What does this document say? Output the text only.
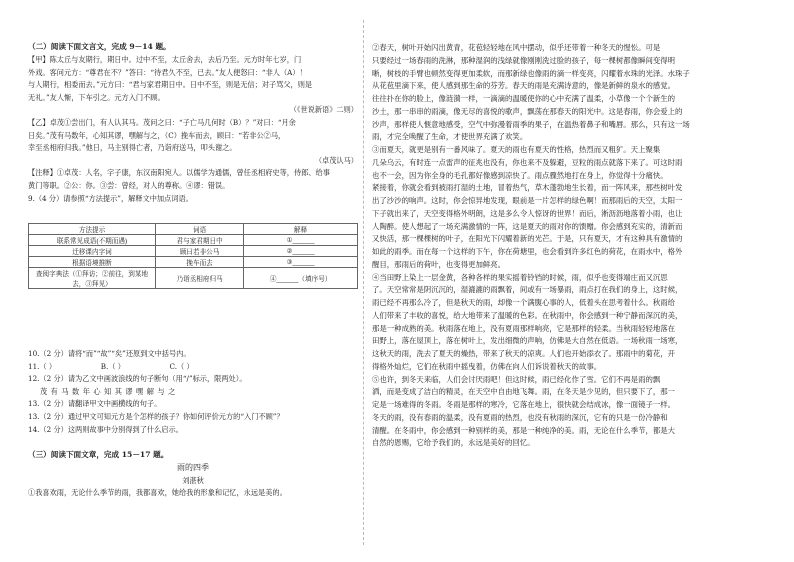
（二）阅读下面文言文，完成 9－14 题。
【甲】陈太丘与友期行，期日中。过中不至，太丘舍去，去后乃至。元方时年七岁，门
外戏。客问元方：“尊君在不？”答曰：“待君久不至，已去。”友人便怒曰：“非人（A）！
与人期行，相委而去。”元方曰：“君与家君期日中。日中不至，则是无信；对子骂父，则是
无礼。”友人惭，下车引之。元方入门不顾。
（《世说新语》二则）
【乙】卓茂①尝出门，有人认其马。茂问之曰：“子亡马几何时（B）？”对曰：“月余
日矣。”茂有马数年，心知其谬，嘿解与之，（C）挽车而去，顾曰：“若非公②马，
幸至丞相府归我。”他日，马主别得亡者，乃诣府送马，叩头谢之。
（卓茂认马）
【注释】①卓茂：人名，字子康，东汉南阳宛人。以儒学为通儒，曾任丞相府史等，侍郎、给事
黄门等职。②公：你。③尝：曾经，对人的尊称。④谬：错误。
9.（4 分）请参照“方法提示”，解释文中加点词语。
方法提示	词语	解释
联系常见成语(不期而遇)	君与家君期日中	①______
迁移课内字词	顾曰若非公马	②______
根据语境推断	挽车而去	③______
查阅字典法（①拜访；②前往，到某地去，③拜见）	乃诣丞相府归马	④______（填序号）
10.（2 分）请将“而”“故”“矣”还原到文中括号内。
11.（ ）	B.（ ）	C.（ ）
12.（2 分）请为乙文中画波浪线的句子断句（用“/”标示，限两处）。
茂 有 马 数 年 心 知 其 谬 嘿 解 与 之
13.（2 分）请翻译甲文中画横线的句子。
13.（2 分）通过甲文可知元方是个怎样的孩子？你如何评价元方的“入门不顾”？
14.（2 分）这两则故事中分别得到了什么启示。
（三）阅读下面文章，完成 15－17 题。
雨的四季
刘湛秋
①我喜欢雨，无论什么季节的雨，我都喜欢，她给我的形象和记忆，永远是美的。
②春天，树叶开始闪出黄青，花苞轻轻地在风中摆动，似乎还带着一种冬天的惺忪。可是
只要经过一场春雨的洗淋，那种湿润的浅绿就像刚刚洗过脸的孩子，每一棵树都像瞬间变得明
晰，树枝的手臂也顿然变得更加柔软，而那新绿也像雨的滴一样变亮，闪耀着水珠的光泽。水珠子
从花苞里滴下来，使人感到那生命的芬芳。春天的雨是充满诗意的，像是新鲜的泉水的感觉。
往往扑在你的脸上，像涟漪一样，一滴滴的温暖使你的心中充满了温柔，小草像一个个新生的
沙土，那一串串的雨滴，像无尽的喜悦的歌声，飘荡在那春天的阳光中。这是春雨，你会爱上的
沙声，那样使人惬意地感受，空气中弥漫着雨季的果子，在温热着鼻子和嘴唇。那么，只有这一场
雨，才完全唤醒了生命，才使世界充满了欢笑。
③而夏天，就更是别有一番风味了。夏天的雨也有夏天的性格，热烈而又粗犷。天上聚集
几朵乌云，有时连一点雷声的征兆也没有，你也来不及躲避，豆粒的雨点就落下来了。可这时雨
也不一会，因为你全身的毛孔都好像感到凉快了。雨点骤然地打在身上，你觉得十分痛快。
紧接着，你就会看到被雨打湿的土地，冒着热气，草木蓬勃地生长着，而一阵风来，那些树叶发
出了沙沙的响声。这时，你会惊异地发现，眼前是一片怎样的绿色啊！而那雨后的天空，太阳一
下子就出来了，天空变得格外明朗，这是多么令人惊讶的世界！而后，淅沥沥地落着小雨，也让
人陶醉。使人想起了一场充满激情的一阵，这是夏天的雨对你的馈赠。你会感到充实的，清新而
又快活，那一棵棵树的叶子，在阳光下闪耀着新的光芒。于是，只有夏天，才有这种具有激情的
如此的雨季。而在每一个这样的下午，你在荷塘里，也会看到许多红色的荷花，在雨水中，格外
醒目，那雨后的荷叶，也变得更加鲜亮。
④当田野上染上一层金黄，各种各样的果实摇着铃铛的时候，雨，似乎也变得端庄而又沉思
了。天空常常是阴沉沉的，湿漉漉的雨飘着，间或有一场暴雨，雨点打在我们的身上，这时候，
雨已经不再那么冷了，但是秋天的雨，却像一个满腹心事的人，低着头在思考着什么。秋雨给
人们带来了丰收的喜悦，给大地带来了温暖的色彩。在秋雨中，你会感到一种宁静而深沉的美，
那是一种成熟的美。秋雨落在地上，没有夏雨那样响亮，它是那样的轻柔。当秋雨轻轻地落在
田野上，落在屋顶上，落在树叶上，发出细微的声响，仿佛是大自然在低语。一场秋雨一场寒，
这秋天的雨，洗去了夏天的燥热，带来了秋天的凉爽。人们也开始添衣了。那雨中的菊花，开
得格外灿烂，它们在秋雨中摇曳着，仿佛在向人们诉说着秋天的故事。
⑤也许，到冬天来临，人们会讨厌雨吧！但这时候，雨已经化作了雪。它们不再是雨的飘
洒，而是变成了洁白的精灵，在天空中自由地飞舞。雨，在冬天是少见的，但只要下了，那一
定是一场难得的冬雨。冬雨是那样的寒冷，它落在地上，很快就会结成冰，像一面镜子一样。
冬天的雨，没有春雨的温柔，没有夏雨的热烈，也没有秋雨的深沉，它有的只是一份冷静和
清醒。在冬雨中，你会感到一种别样的美，那是一种纯净的美。雨，无论在什么季节，都是大
自然的恩赐，它给予我们的，永远是美好的回忆。
